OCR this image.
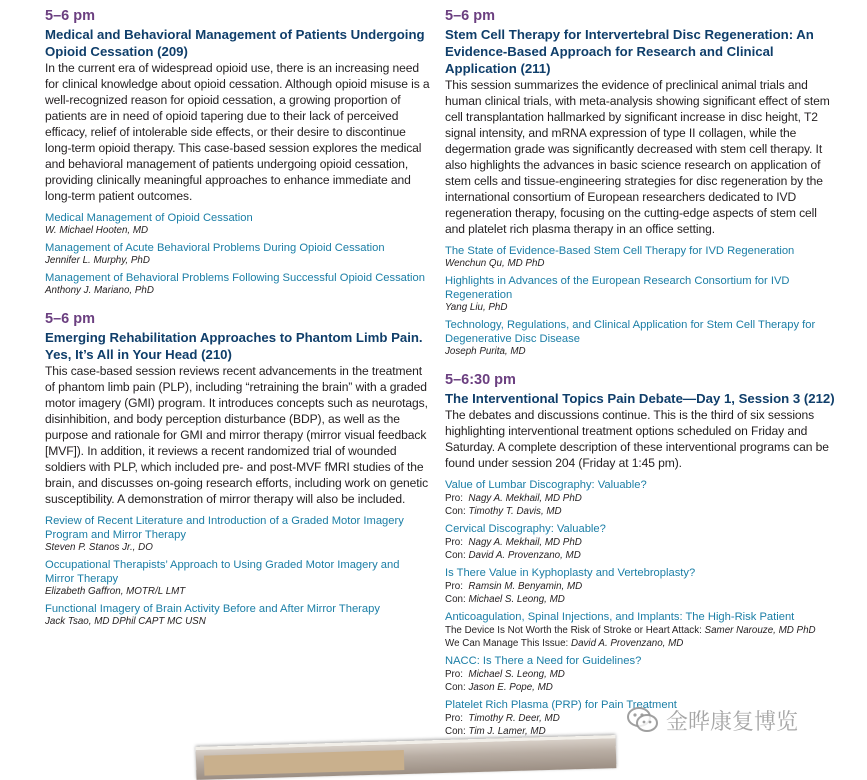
5–6 pm
Medical and Behavioral Management of Patients Undergoing Opioid Cessation (209)

In the current era of widespread opioid use, there is an increasing need for clinical knowledge about opioid cessation. Although opioid misuse is a well-recognized reason for opioid cessation, a growing proportion of patients are in need of opioid tapering due to their lack of perceived efficacy, relief of intolerable side effects, or their desire to discontinue long-term opioid therapy. This case-based session explores the medical and behavioral management of patients undergoing opioid cessation, providing clinically meaningful approaches to enhance immediate and long-term patient outcomes.

Medical Management of Opioid Cessation
W. Michael Hooten, MD
Management of Acute Behavioral Problems During Opioid Cessation
Jennifer L. Murphy, PhD
Management of Behavioral Problems Following Successful Opioid Cessation
Anthony J. Mariano, PhD
5–6 pm
Emerging Rehabilitation Approaches to Phantom Limb Pain. Yes, It’s All in Your Head (210)

This case-based session reviews recent advancements in the treatment of phantom limb pain (PLP), including “retraining the brain” with a graded motor imagery (GMI) program. It introduces concepts such as neurotags, disinhibition, and body perception disturbance (BDP), as well as the purpose and rationale for GMI and mirror therapy (mirror visual feedback [MVF]). In addition, it reviews a recent randomized trial of wounded soldiers with PLP, which included pre- and post-MVF fMRI studies of the brain, and discusses on-going research efforts, including work on genetic susceptibility. A demonstration of mirror therapy will also be included.

Review of Recent Literature and Introduction of a Graded Motor Imagery Program and Mirror Therapy
Steven P. Stanos Jr., DO
Occupational Therapists’ Approach to Using Graded Motor Imagery and Mirror Therapy
Elizabeth Gaffron, MOTR/L LMT
Functional Imagery of Brain Activity Before and After Mirror Therapy
Jack Tsao, MD DPhil CAPT MC USN
5–6 pm
Stem Cell Therapy for Intervertebral Disc Regeneration: An Evidence-Based Approach for Research and Clinical Application (211)

This session summarizes the evidence of preclinical animal trials and human clinical trials, with meta-analysis showing significant effect of stem cell transplantation hallmarked by significant increase in disc height, T2 signal intensity, and mRNA expression of type II collagen, while the degermation grade was significantly decreased with stem cell therapy. It also highlights the advances in basic science research on application of stem cells and tissue-engineering strategies for disc regeneration by the international consortium of European researchers dedicated to IVD regeneration therapy, focusing on the cutting-edge aspects of stem cell and platelet rich plasma therapy in an office setting.

The State of Evidence-Based Stem Cell Therapy for IVD Regeneration
Wenchun Qu, MD PhD
Highlights in Advances of the European Research Consortium for IVD Regeneration
Yang Liu, PhD
Technology, Regulations, and Clinical Application for Stem Cell Therapy for Degenerative Disc Disease
Joseph Purita, MD
5–6:30 pm
The Interventional Topics Pain Debate—Day 1, Session 3 (212)

The debates and discussions continue. This is the third of six sessions highlighting interventional treatment options scheduled on Friday and Saturday. A complete description of these interventional programs can be found under session 204 (Friday at 1:45 pm).

Value of Lumbar Discography: Valuable?
Pro: Nagy A. Mekhail, MD PhD
Con: Timothy T. Davis, MD
Cervical Discography: Valuable?
Pro: Nagy A. Mekhail, MD PhD
Con: David A. Provenzano, MD
Is There Value in Kyphoplasty and Vertebroplasty?
Pro: Ramsin M. Benyamin, MD
Con: Michael S. Leong, MD
Anticoagulation, Spinal Injections, and Implants: The High-Risk Patient
The Device Is Not Worth the Risk of Stroke or Heart Attack: Samer Narouze, MD PhD
We Can Manage This Issue: David A. Provenzano, MD
NACC: Is There a Need for Guidelines?
Pro: Michael S. Leong, MD
Con: Jason E. Pope, MD
Platelet Rich Plasma (PRP) for Pain Treatment
Pro: Timothy R. Deer, MD
Con: Tim J. Lamer, MD	金晔康复博览
